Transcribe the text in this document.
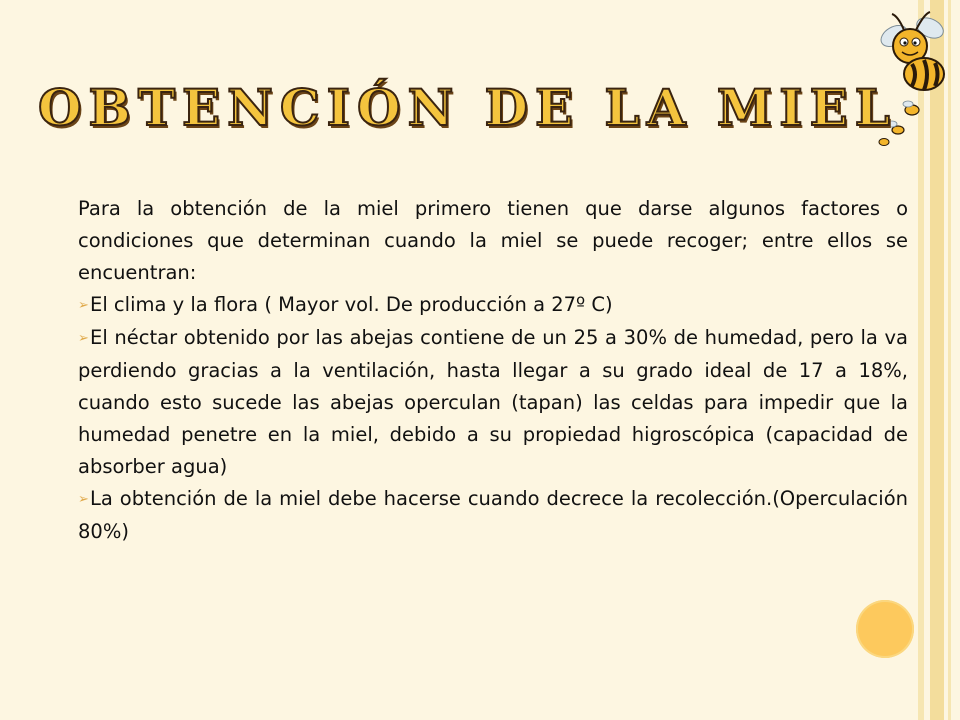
OBTENCIÓN DE LA MIEL

Para la obtención de la miel primero tienen que darse algunos factores o condiciones que determinan cuando la miel se puede recoger; entre ellos se encuentran:

➢El clima y la flora ( Mayor vol. De producción a 27º C)
➢El néctar obtenido por las abejas contiene de un 25 a 30% de humedad, pero la va perdiendo gracias a la ventilación, hasta llegar a su grado ideal de 17 a 18%, cuando esto sucede las abejas operculan (tapan) las celdas para impedir que la humedad penetre en la miel, debido a su propiedad higroscópica (capacidad de absorber agua)
➢La obtención de la miel debe hacerse cuando decrece la recolección.(Operculación 80%)
